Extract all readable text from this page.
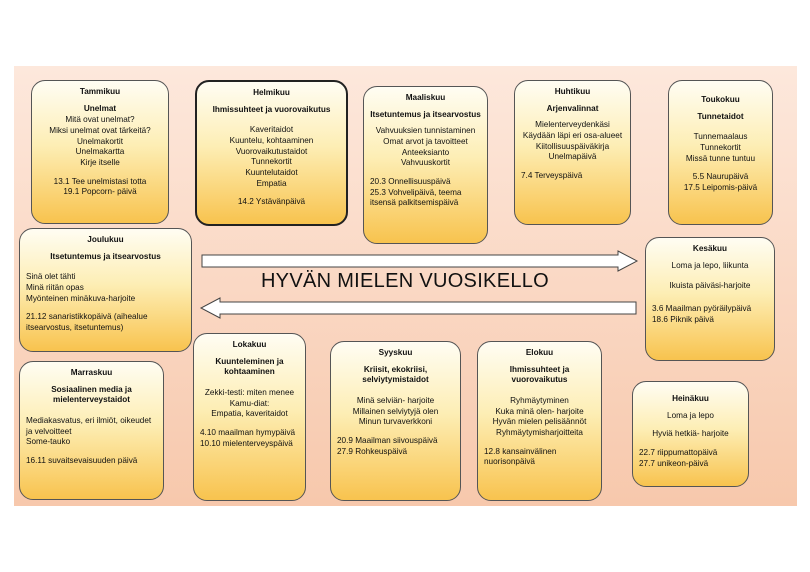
Tammikuu
Unelmat
Mitä ovat unelmat?
Miksi unelmat ovat tärkeitä?
Unelmakortit
Unelmakartta
Kirje itselle
13.1 Tee unelmistasi totta
19.1 Popcorn- päivä
Helmikuu
Ihmissuhteet ja vuorovaikutus
Kaveritaidot
Kuuntelu, kohtaaminen
Vuorovaikutustaidot
Tunnekortit
Kuuntelutaidot
Empatia
14.2 Ystävänpäivä
Maaliskuu
Itsetuntemus ja itsearvostus
Vahvuuksien tunnistaminen
Omat arvot ja tavoitteet
Anteeksianto
Vahvuuskortit
20.3 Onnellisuuspäivä
25.3 Vohvelipäivä, teema itsensä palkitsemispäivä
Huhtikuu
Arjenvalinnat
Mielenterveydenkäsi
Käydään läpi eri osa-alueet
Kiitollisuuspäiväkirja
Unelmapäivä
7.4 Terveyspäivä
Toukokuu
Tunnetaidot
Tunnemaalaus
Tunnekortit
Missä tunne tuntuu
5.5 Naurupäivä
17.5 Leipomis-päivä
Joulukuu
Itsetuntemus ja itsearvostus
Sinä olet tähti
Minä riitän opas
Myönteinen minäkuva-harjoite
21.12 sanaristikkopäivä (aihealue itsearvostus, itsetuntemus)
HYVÄN MIELEN VUOSIKELLO
Kesäkuu
Loma ja lepo, liikunta
Ikuista päiväsi-harjoite
3.6 Maailman pyöräilypäivä
18.6 Piknik päivä
Marraskuu
Sosiaalinen media ja mielenterveystaidot
Mediakasvatus, eri ilmiöt, oikeudet ja velvoitteet
Some-tauko
16.11 suvaitsevaisuuden päivä
Lokakuu
Kuunteleminen ja kohtaaminen
Zekki-testi: miten menee
Kamu-diat:
Empatia, kaveritaidot
4.10 maailman hymypäivä
10.10 mielenterveyspäivä
Syyskuu
Kriisit, ekokriisi, selviytymistaidot
Minä selviän- harjoite
Millainen selviytyjä olen
Minun turvaverkkoni
20.9 Maailman siivouspäivä
27.9 Rohkeuspäivä
Elokuu
Ihmissuhteet ja vuorovaikutus
Ryhmäytyminen
Kuka minä olen- harjoite
Hyvän mielen pelisäännöt
Ryhmäytymisharjoitteita
12.8 kansainvälinen nuorisonpäivä
Heinäkuu
Loma ja lepo
Hyviä hetkiä- harjoite
22.7 riippumattopäivä
27.7 unikeon-päivä
